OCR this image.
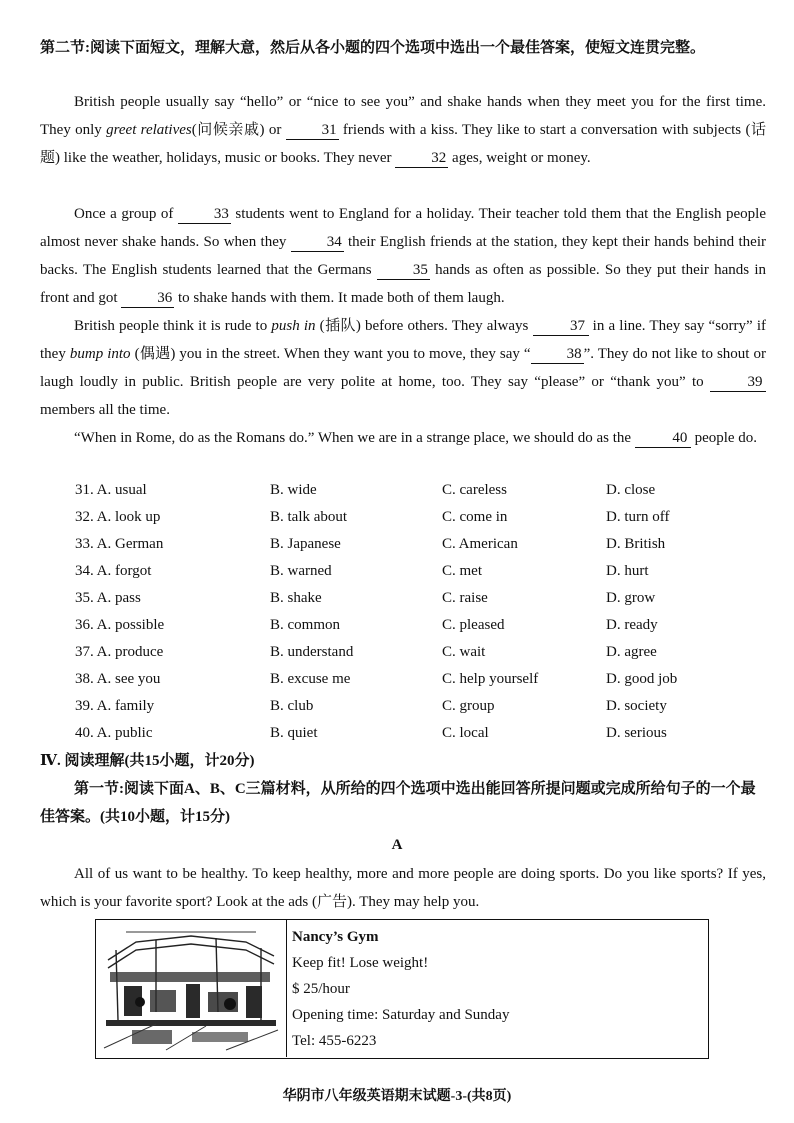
第二节:阅读下面短文，理解大意，然后从各小题的四个选项中选出一个最佳答案，使短文连贯完整。
British people usually say “hello” or “nice to see you” and shake hands when they meet you for the first time. They only greet relatives(问候亲戚) or 31 friends with a kiss. They like to start a conversation with subjects (话题) like the weather, holidays, music or books. They never 32 ages, weight or money.
Once a group of 33 students went to England for a holiday. Their teacher told them that the English people almost never shake hands. So when they 34 their English friends at the station, they kept their hands behind their backs. The English students learned that the Germans 35 hands as often as possible. So they put their hands in front and got 36 to shake hands with them. It made both of them laugh.
British people think it is rude to push in (插队) before others. They always	37 in a line. They say “sorry” if they bump into (偶遇) you in the street. When they want you to move, they say “ 38 ”. They do not like to shout or laugh loudly in public. British people are very polite at home, too. They say “please” or “thank you” to	39 members all the time.
“When in Rome, do as the Romans do.” When we are in a strange place, we should do as the	40 people do.
31. A. usual	B. wide	C. careless	D. close
32. A. look up	B. talk about	C. come in	D. turn off
33. A. German	B. Japanese	C. American	D. British
34. A. forgot	B. warned	C. met	D. hurt
35. A. pass	B. shake	C. raise	D. grow
36. A. possible	B. common	C. pleased	D. ready
37. A. produce	B. understand	C. wait	D. agree
38. A. see you	B. excuse me	C. help yourself	D. good job
39. A. family	B. club	C. group	D. society
40. A. public	B. quiet	C. local	D. serious
Ⅳ. 阅读理解(共15小题，计20分)
第一节:阅读下面A、B、C三篇材料，从所给的四个选项中选出能回答所提问题或完成所给句子的一个最佳答案。(共10小题，计15分)
A
All of us want to be healthy. To keep healthy, more and more people are doing sports. Do you like sports? If yes, which is your favorite sport? Look at the ads (广告). They may help you.
Nancy’s Gym
Keep fit! Lose weight!
$ 25/hour
Opening time: Saturday and Sunday
Tel: 455-6223
华阴市八年级英语期末试题-3-(共8页)
